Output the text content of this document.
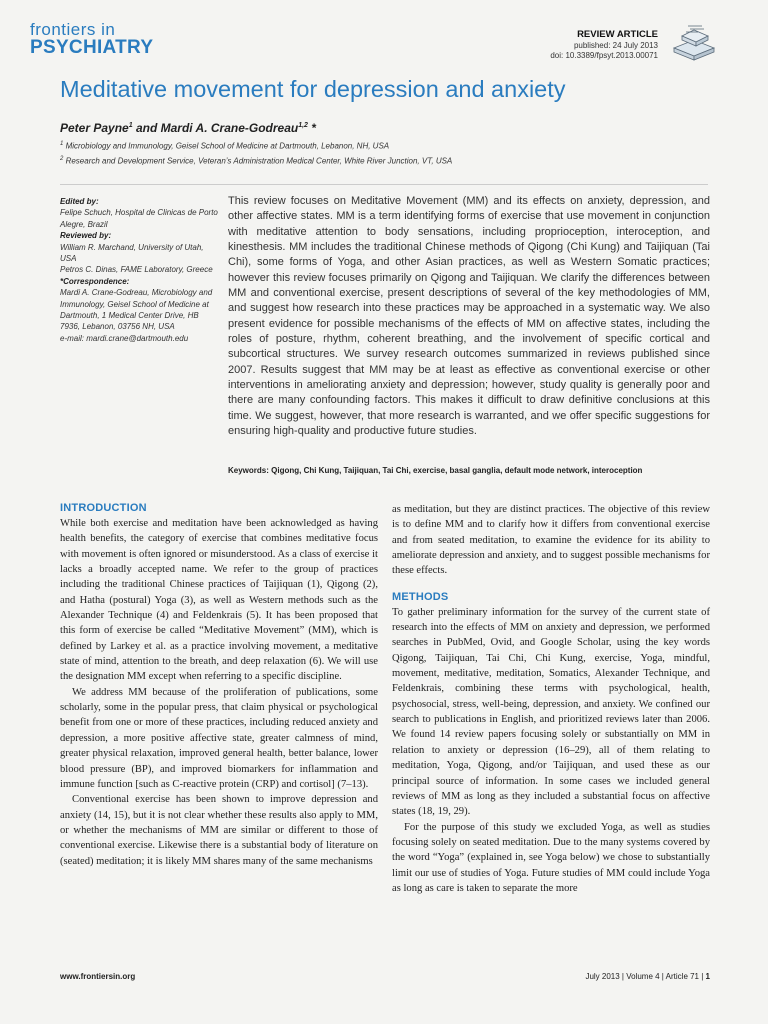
frontiers in
PSYCHIATRY
REVIEW ARTICLE
published: 24 July 2013
doi: 10.3389/fpsyt.2013.00071
Meditative movement for depression and anxiety
Peter Payne$^1$ and Mardi A. Crane-Godreau$^{1,2}$ *
$^1$ Microbiology and Immunology, Geisel School of Medicine at Dartmouth, Lebanon, NH, USA
$^2$ Research and Development Service, Veteran’s Administration Medical Center, White River Junction, VT, USA
Edited by:
Felipe Schuch, Hospital de Clinicas de Porto Alegre, Brazil
Reviewed by:
William R. Marchand, University of Utah, USA
Petros C. Dinas, FAME Laboratory, Greece
*Correspondence:
Mardi A. Crane-Godreau, Microbiology and Immunology, Geisel School of Medicine at Dartmouth, 1 Medical Center Drive, HB 7936, Lebanon, 03756 NH, USA
e-mail: mardi.crane@dartmouth.edu
This review focuses on Meditative Movement (MM) and its effects on anxiety, depression, and other affective states. MM is a term identifying forms of exercise that use movement in conjunction with meditative attention to body sensations, including proprioception, interoception, and kinesthesis. MM includes the traditional Chinese methods of Qigong (Chi Kung) and Taijiquan (Tai Chi), some forms of Yoga, and other Asian practices, as well as Western Somatic practices; however this review focuses primarily on Qigong and Taijiquan. We clarify the differences between MM and conventional exercise, present descriptions of several of the key methodologies of MM, and suggest how research into these practices may be approached in a systematic way. We also present evidence for possible mechanisms of the effects of MM on affective states, including the roles of posture, rhythm, coherent breathing, and the involvement of specific cortical and subcortical structures. We survey research outcomes summarized in reviews published since 2007. Results suggest that MM may be at least as effective as conventional exercise or other interventions in ameliorating anxiety and depression; however, study quality is generally poor and there are many confounding factors. This makes it difficult to draw definitive conclusions at this time. We suggest, however, that more research is warranted, and we offer specific suggestions for ensuring high-quality and productive future studies.
Keywords: Qigong, Chi Kung, Taijiquan, Tai Chi, exercise, basal ganglia, default mode network, interoception
INTRODUCTION
While both exercise and meditation have been acknowledged as having health benefits, the category of exercise that combines meditative focus with movement is often ignored or misunderstood. As a class of exercise it lacks a broadly accepted name. We refer to the group of practices including the traditional Chinese practices of Taijiquan (1), Qigong (2), and Hatha (postural) Yoga (3), as well as Western methods such as the Alexander Technique (4) and Feldenkrais (5). It has been proposed that this form of exercise be called “Meditative Movement” (MM), which is defined by Larkey et al. as a practice involving movement, a meditative state of mind, attention to the breath, and deep relaxation (6). We will use the designation MM except when referring to a specific discipline.
We address MM because of the proliferation of publications, some scholarly, some in the popular press, that claim physical or psychological benefit from one or more of these practices, including reduced anxiety and depression, a more positive affective state, greater calmness of mind, greater physical relaxation, improved general health, better balance, lower blood pressure (BP), and improved biomarkers for inflammation and immune function [such as C-reactive protein (CRP) and cortisol] (7–13).
Conventional exercise has been shown to improve depression and anxiety (14, 15), but it is not clear whether these results also apply to MM, or whether the mechanisms of MM are similar or different to those of conventional exercise. Likewise there is a substantial body of literature on (seated) meditation; it is likely MM shares many of the same mechanisms
as meditation, but they are distinct practices. The objective of this review is to define MM and to clarify how it differs from conventional exercise and from seated meditation, to examine the evidence for its ability to ameliorate depression and anxiety, and to suggest possible mechanisms for these effects.
METHODS
To gather preliminary information for the survey of the current state of research into the effects of MM on anxiety and depression, we performed searches in PubMed, Ovid, and Google Scholar, using the key words Qigong, Taijiquan, Tai Chi, Chi Kung, exercise, Yoga, mindful, movement, meditative, meditation, Somatics, Alexander Technique, and Feldenkrais, combining these terms with psychological, health, psychosocial, stress, well-being, depression, and anxiety. We confined our search to publications in English, and prioritized reviews later than 2006. We found 14 review papers focusing solely or substantially on MM in relation to anxiety or depression (16–29), all of them relating to meditation, Yoga, Qigong, and/or Taijiquan, and used these as our principal source of information. In some cases we included general reviews of MM as long as they included a substantial focus on affective states (18, 19, 29).
For the purpose of this study we excluded Yoga, as well as studies focusing solely on seated meditation. Due to the many systems covered by the word “Yoga” (explained in, see Yoga below) we chose to substantially limit our use of studies of Yoga. Future studies of MM could include Yoga as long as care is taken to separate the more
www.frontiersin.org	July 2013 | Volume 4 | Article 71 | 1
